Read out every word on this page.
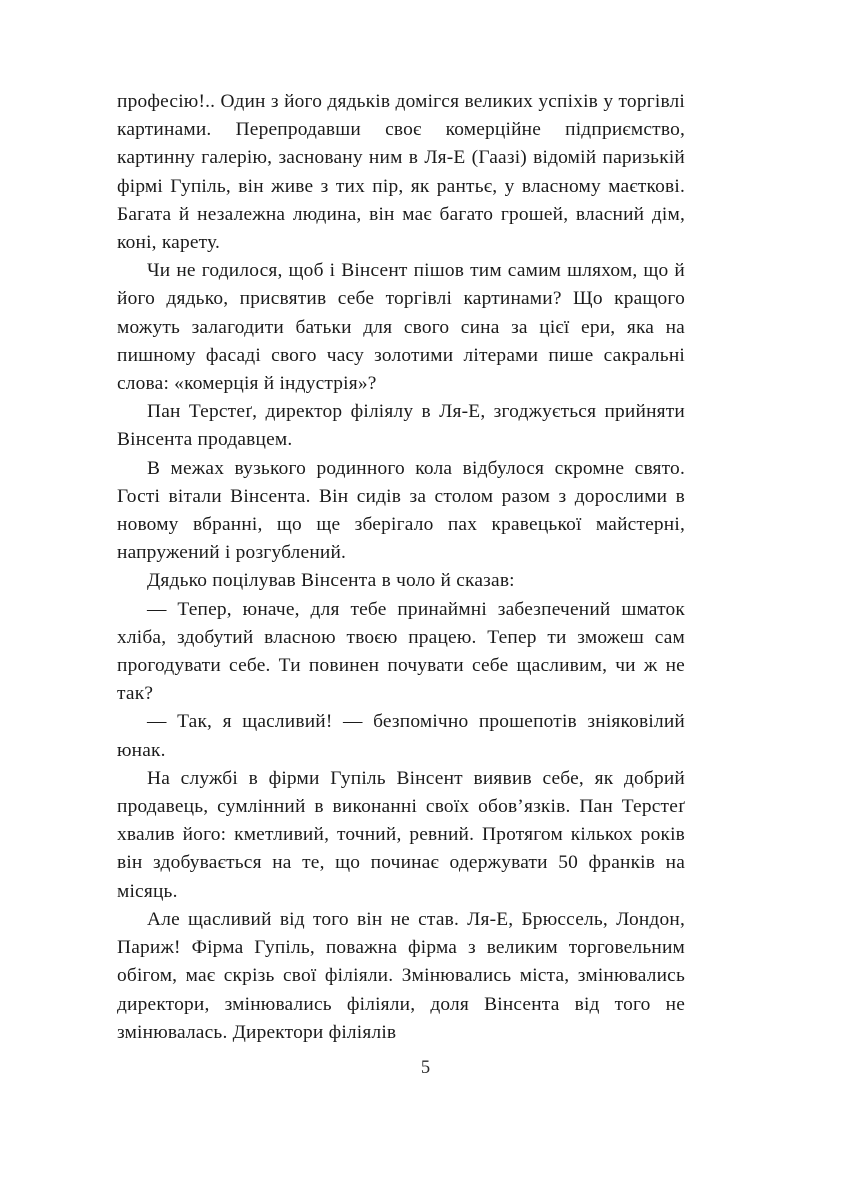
професію!.. Один з його дядьків домігся великих успіхів у торгівлі картинами. Перепродавши своє комерційне підприємство, картинну галерію, засновану ним в Ля-Е (Гаазі) відомій паризькій фірмі Гупіль, він живе з тих пір, як рантьє, у власному маєткові. Багата й незалежна людина, він має багато грошей, власний дім, коні, карету.

Чи не годилося, щоб і Вінсент пішов тим самим шляхом, що й його дядько, присвятив себе торгівлі картинами? Що кращого можуть залагодити батьки для свого сина за цієї ери, яка на пишному фасаді свого часу золотими літерами пише сакральні слова: «комерція й індустрія»?

Пан Терстеґ, директор філіялу в Ля-Е, згоджується прийняти Вінсента продавцем.

В межах вузького родинного кола відбулося скромне свято. Гості вітали Вінсента. Він сидів за столом разом з дорослими в новому вбранні, що ще зберігало пах кравецької майстерні, напружений і розгублений.

Дядько поцілував Вінсента в чоло й сказав:

— Тепер, юначе, для тебе принаймні забезпечений шматок хліба, здобутий власною твоєю працею. Тепер ти зможеш сам прогодувати себе. Ти повинен почувати себе щасливим, чи ж не так?

— Так, я щасливий! — безпомічно прошепотів зніяковілий юнак.

На службі в фірми Гупіль Вінсент виявив себе, як добрий продавець, сумлінний в виконанні своїх обов’язків. Пан Терстеґ хвалив його: кметливий, точний, ревний. Протягом кількох років він здобувається на те, що починає одержувати 50 франків на місяць.

Але щасливий від того він не став. Ля-Е, Брюссель, Лондон, Париж! Фірма Гупіль, поважна фірма з великим торговельним обігом, має скрізь свої філіяли. Змінювались міста, змінювались директори, змінювались філіяли, доля Вінсента від того не змінювалась. Директори філіялів

5
